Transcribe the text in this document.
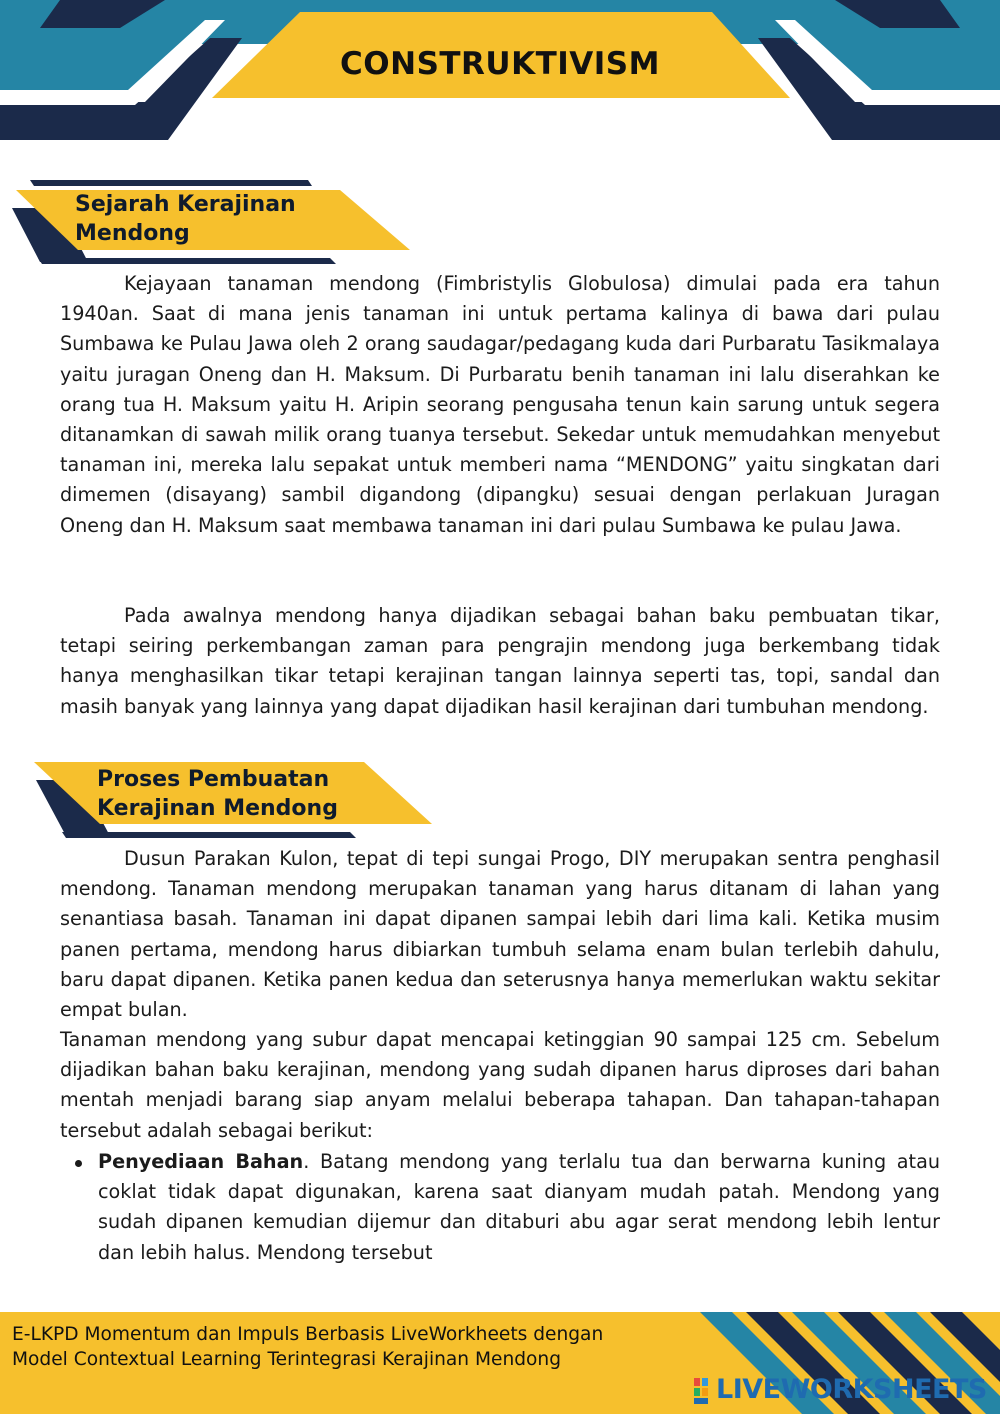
CONSTRUKTIVISM
Sejarah Kerajinan
Mendong

Kejayaan tanaman mendong (Fimbristylis Globulosa) dimulai pada era tahun 1940an. Saat di mana jenis tanaman ini untuk pertama kalinya di bawa dari pulau Sumbawa ke Pulau Jawa oleh 2 orang saudagar/pedagang kuda dari Purbaratu Tasikmalaya yaitu juragan Oneng dan H. Maksum. Di Purbaratu benih tanaman ini lalu diserahkan ke orang tua H. Maksum yaitu H. Aripin seorang pengusaha tenun kain sarung untuk segera ditanamkan di sawah milik orang tuanya tersebut. Sekedar untuk memudahkan menyebut tanaman ini, mereka lalu sepakat untuk memberi nama “MENDONG” yaitu singkatan dari dimemen (disayang) sambil digandong (dipangku) sesuai dengan perlakuan Juragan Oneng dan H. Maksum saat membawa tanaman ini dari pulau Sumbawa ke pulau Jawa.

Pada awalnya mendong hanya dijadikan sebagai bahan baku pembuatan tikar, tetapi seiring perkembangan zaman para pengrajin mendong juga berkembang tidak hanya menghasilkan tikar tetapi kerajinan tangan lainnya seperti tas, topi, sandal dan masih banyak yang lainnya yang dapat dijadikan hasil kerajinan dari tumbuhan mendong.

Proses Pembuatan
Kerajinan Mendong

Dusun Parakan Kulon, tepat di tepi sungai Progo, DIY merupakan sentra penghasil mendong. Tanaman mendong merupakan tanaman yang harus ditanam di lahan yang senantiasa basah. Tanaman ini dapat dipanen sampai lebih dari lima kali. Ketika musim panen pertama, mendong harus dibiarkan tumbuh selama enam bulan terlebih dahulu, baru dapat dipanen. Ketika panen kedua dan seterusnya hanya memerlukan waktu sekitar empat bulan.

Tanaman mendong yang subur dapat mencapai ketinggian 90 sampai 125 cm. Sebelum dijadikan bahan baku kerajinan, mendong yang sudah dipanen harus diproses dari bahan mentah menjadi barang siap anyam melalui beberapa tahapan. Dan tahapan-tahapan tersebut adalah sebagai berikut:

Penyediaan Bahan. Batang mendong yang terlalu tua dan berwarna kuning atau coklat tidak dapat digunakan, karena saat dianyam mudah patah. Mendong yang sudah dipanen kemudian dijemur dan ditaburi abu agar serat mendong lebih lentur dan lebih halus. Mendong tersebut
E-LKPD Momentum dan Impuls Berbasis LiveWorkheets dengan
Model Contextual Learning Terintegrasi Kerajinan Mendong
LIVEWORKSHEETS
